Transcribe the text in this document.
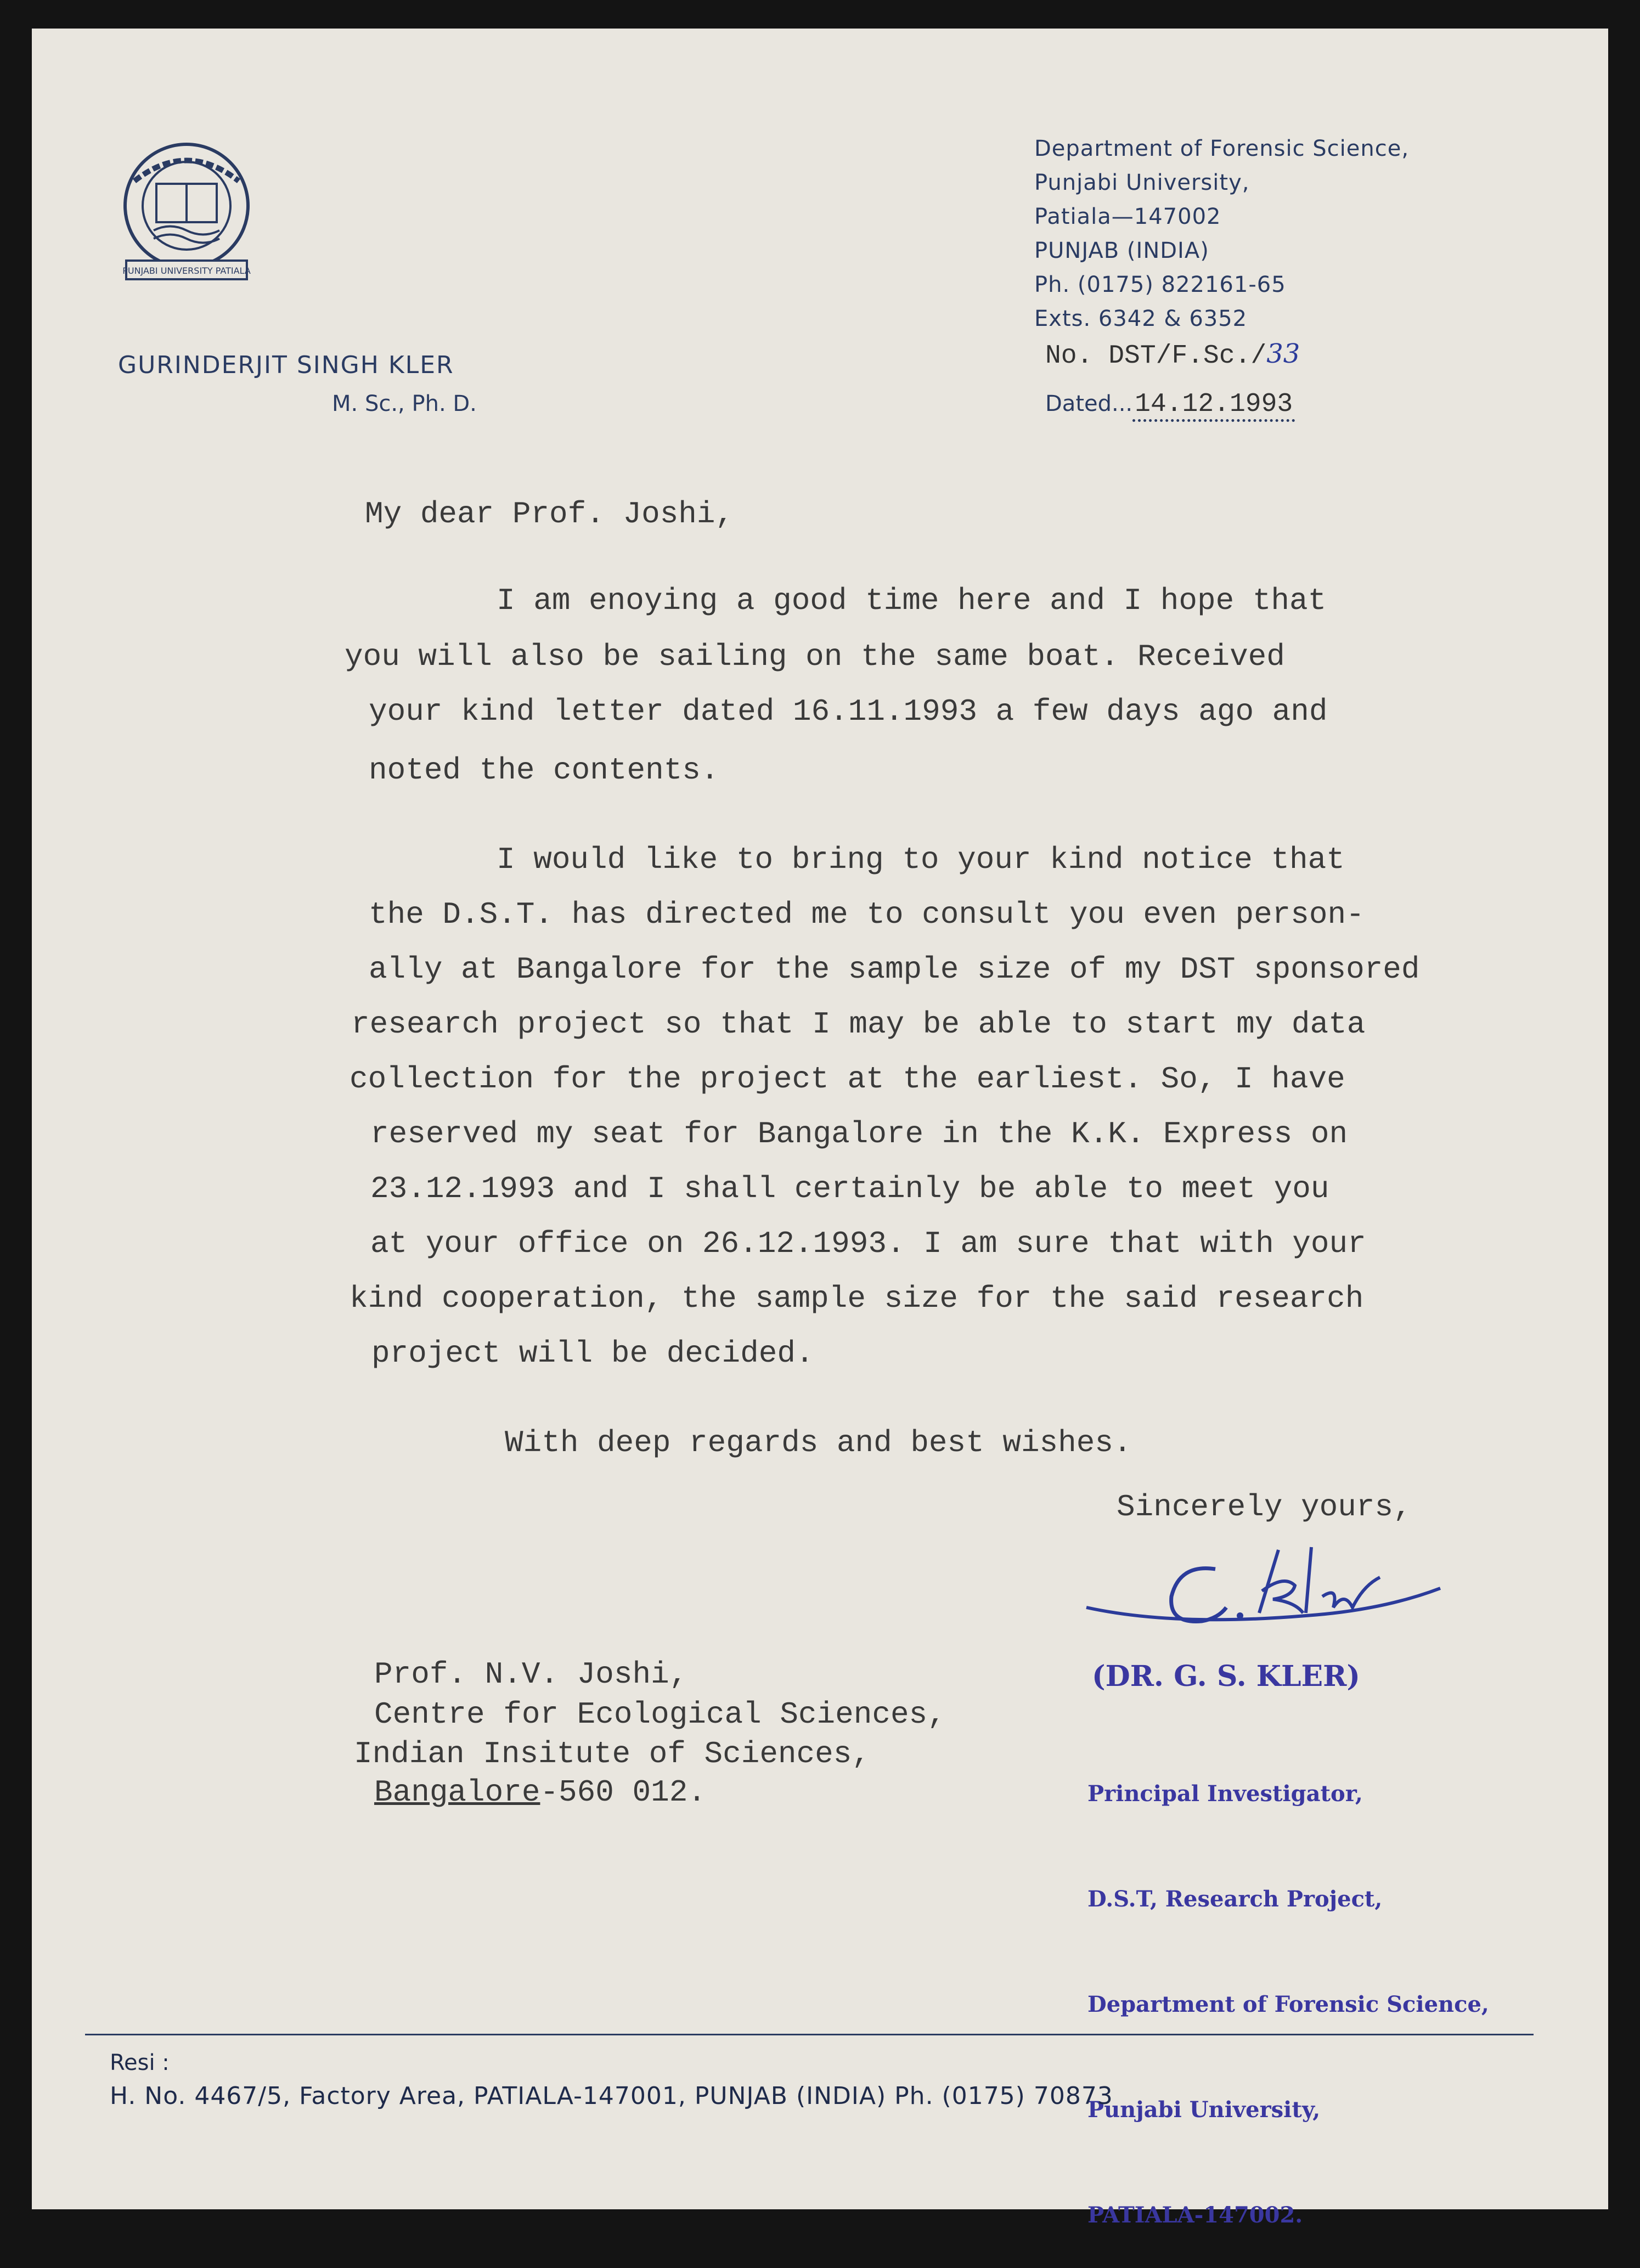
PUNJABI UNIVERSITY PATIALA
GURINDERJIT SINGH KLER
M. Sc., Ph. D.
Department of Forensic Science,
Punjabi University,
Patiala—147002
PUNJAB (INDIA)
Ph. (0175) 822161-65
Exts. 6342 & 6352
No. DST/F.Sc./33
Dated...14.12.1993
My dear Prof. Joshi,
I am enoying a good time here and I hope that
you will also be sailing on the same boat. Received
your kind letter dated 16.11.1993 a few days ago and
noted the contents.
I would like to bring to your kind notice that
the D.S.T. has directed me to consult you even person-
ally at Bangalore for the sample size of my DST sponsored
research project so that I may be able to start my data
collection for the project at the earliest. So, I have
reserved my seat for Bangalore in the K.K. Express on
23.12.1993 and I shall certainly be able to meet you
at your office on 26.12.1993. I am sure that with your
kind cooperation, the sample size for the said research
project will be decided.
With deep regards and best wishes.
Sincerely yours,
Prof. N.V. Joshi,
Centre for Ecological Sciences,
Indian Insitute of Sciences,
Bangalore-560 012.
(DR. G. S. KLER)

Principal Investigator,

D.S.T, Research Project,

Department of Forensic Science,

Punjabi University,

PATIALA-147002.

Resi :
H. No. 4467/5, Factory Area, PATIALA-147001, PUNJAB (INDIA) Ph. (0175) 70873
